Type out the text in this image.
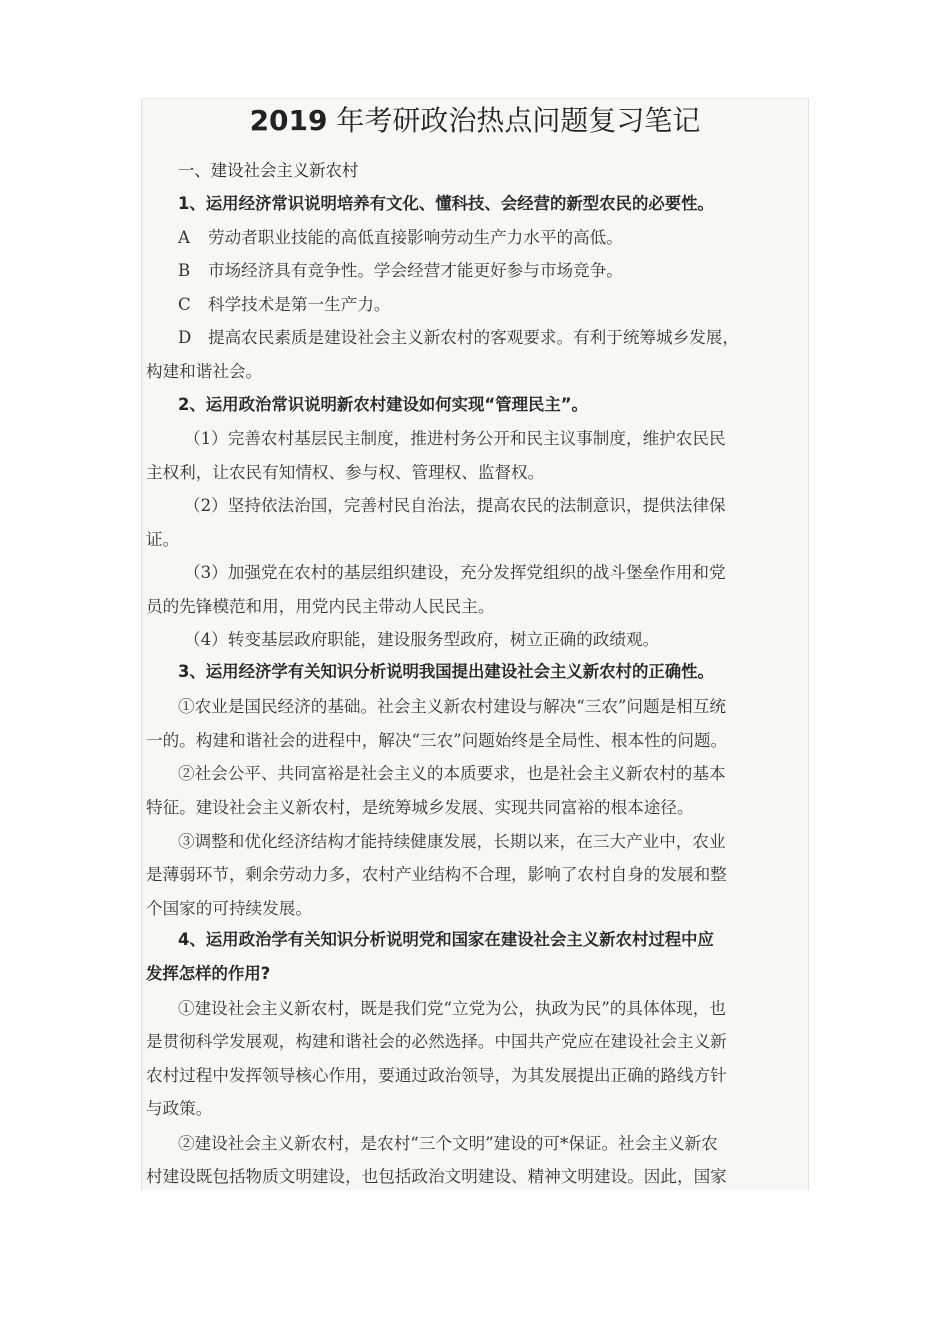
2019 年考研政治热点问题复习笔记
一、建设社会主义新农村
1、运用经济常识说明培养有文化、懂科技、会经营的新型农民的必要性。
A 劳动者职业技能的高低直接影响劳动生产力水平的高低。
B 市场经济具有竞争性。学会经营才能更好参与市场竞争。
C 科学技术是第一生产力。
D 提高农民素质是建设社会主义新农村的客观要求。有利于统筹城乡发展，
构建和谐社会。
2、运用政治常识说明新农村建设如何实现“管理民主”。
（1）完善农村基层民主制度，推进村务公开和民主议事制度，维护农民民
主权利，让农民有知情权、参与权、管理权、监督权。
（2）坚持依法治国，完善村民自治法，提高农民的法制意识，提供法律保
证。
（3）加强党在农村的基层组织建设，充分发挥党组织的战斗堡垒作用和党
员的先锋模范和用，用党内民主带动人民民主。
（4）转变基层政府职能，建设服务型政府，树立正确的政绩观。
3、运用经济学有关知识分析说明我国提出建设社会主义新农村的正确性。
①农业是国民经济的基础。社会主义新农村建设与解决“三农”问题是相互统
一的。构建和谐社会的进程中，解决“三农”问题始终是全局性、根本性的问题。
②社会公平、共同富裕是社会主义的本质要求，也是社会主义新农村的基本
特征。建设社会主义新农村，是统筹城乡发展、实现共同富裕的根本途径。
③调整和优化经济结构才能持续健康发展，长期以来，在三大产业中，农业
是薄弱环节，剩余劳动力多，农村产业结构不合理，影响了农村自身的发展和整
个国家的可持续发展。
4、运用政治学有关知识分析说明党和国家在建设社会主义新农村过程中应
发挥怎样的作用?
①建设社会主义新农村，既是我们党“立党为公，执政为民”的具体体现，也
是贯彻科学发展观，构建和谐社会的必然选择。中国共产党应在建设社会主义新
农村过程中发挥领导核心作用，要通过政治领导，为其发展提出正确的路线方针
与政策。
②建设社会主义新农村，是农村“三个文明”建设的可*保证。社会主义新农
村建设既包括物质文明建设，也包括政治文明建设、精神文明建设。因此，国家
